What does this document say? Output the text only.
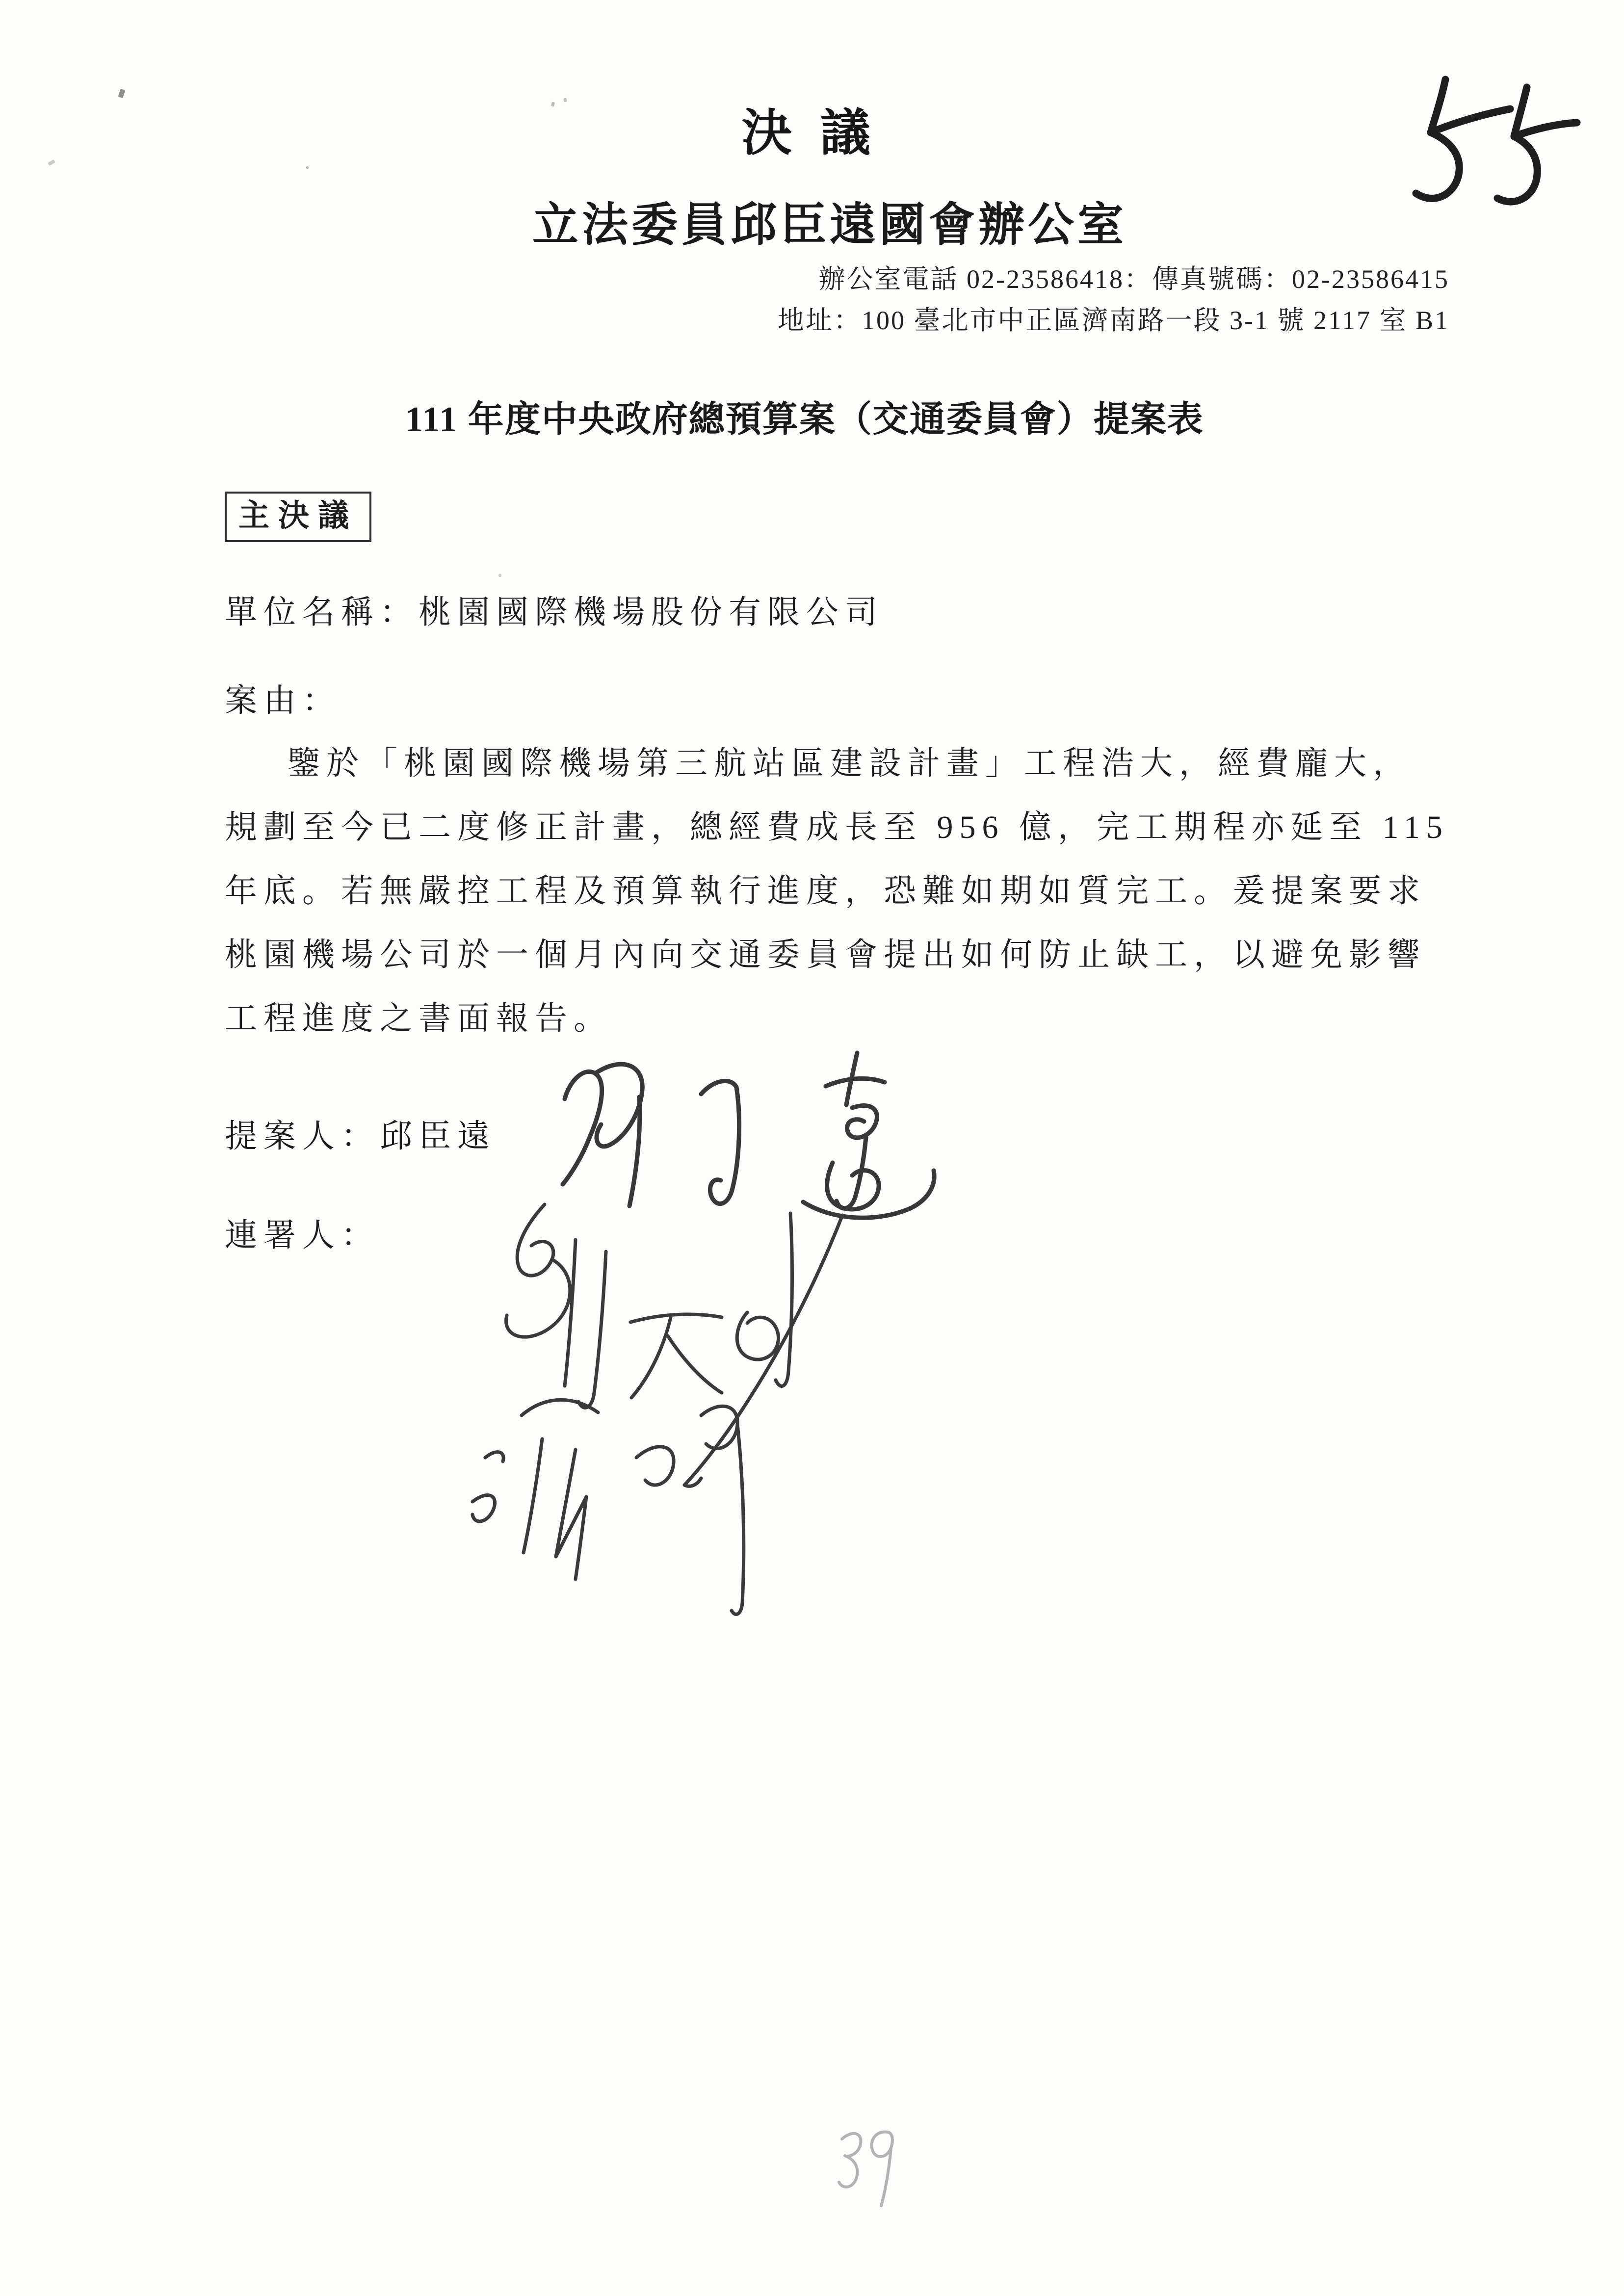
決議
立法委員邱臣遠國會辦公室
辦公室電話 02-23586418：傳真號碼：02-23586415
地址：100 臺北市中正區濟南路一段 3-1 號 2117 室 B1
111 年度中央政府總預算案（交通委員會）提案表
主決議
單位名稱：桃園國際機場股份有限公司
案由：
鑒於「桃園國際機場第三航站區建設計畫」工程浩大，經費龐大，
規劃至今已二度修正計畫，總經費成長至 956 億，完工期程亦延至 115
年底。若無嚴控工程及預算執行進度，恐難如期如質完工。爰提案要求
桃園機場公司於一個月內向交通委員會提出如何防止缺工，以避免影響
工程進度之書面報告。
提案人：邱臣遠
連署人：
